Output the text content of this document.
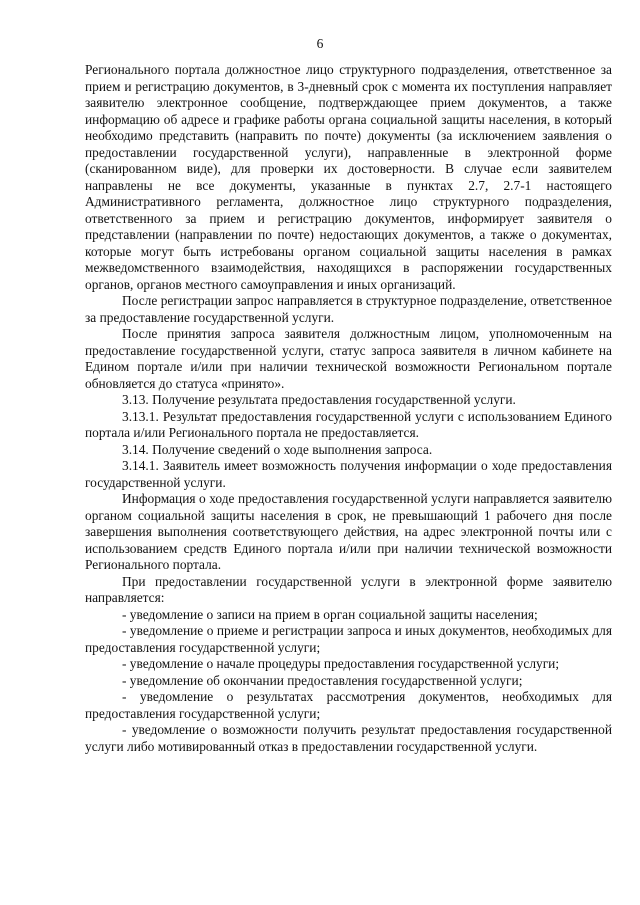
6

Регионального портала должностное лицо структурного подразделения, ответственное за прием и регистрацию документов, в 3-дневный срок с момента их поступления направляет заявителю электронное сообщение, подтверждающее прием документов, а также информацию об адресе и графике работы органа социальной защиты населения, в который необходимо представить (направить по почте) документы (за исключением заявления о предоставлении государственной услуги), направленные в электронной форме (сканированном виде), для проверки их достоверности. В случае если заявителем направлены не все документы, указанные в пунктах 2.7, 2.7-1 настоящего Административного регламента, должностное лицо структурного подразделения, ответственного за прием и регистрацию документов, информирует заявителя о представлении (направлении по почте) недостающих документов, а также о документах, которые могут быть истребованы органом социальной защиты населения в рамках межведомственного взаимодействия, находящихся в распоряжении государственных органов, органов местного самоуправления и иных организаций.

После регистрации запрос направляется в структурное подразделение, ответственное за предоставление государственной услуги.

После принятия запроса заявителя должностным лицом, уполномоченным на предоставление государственной услуги, статус запроса заявителя в личном кабинете на Едином портале и/или при наличии технической возможности Региональном портале обновляется до статуса «принято».

3.13. Получение результата предоставления государственной услуги.

3.13.1. Результат предоставления государственной услуги с использованием Единого портала и/или Регионального портала не предоставляется.

3.14. Получение сведений о ходе выполнения запроса.

3.14.1. Заявитель имеет возможность получения информации о ходе предоставления государственной услуги.

Информация о ходе предоставления государственной услуги направляется заявителю органом социальной защиты населения в срок, не превышающий 1 рабочего дня после завершения выполнения соответствующего действия, на адрес электронной почты или с использованием средств Единого портала и/или при наличии технической возможности Регионального портала.

При предоставлении государственной услуги в электронной форме заявителю направляется:

- уведомление о записи на прием в орган социальной защиты населения;

- уведомление о приеме и регистрации запроса и иных документов, необходимых для предоставления государственной услуги;

- уведомление о начале процедуры предоставления государственной услуги;

- уведомление об окончании предоставления государственной услуги;

- уведомление о результатах рассмотрения документов, необходимых для предоставления государственной услуги;

- уведомление о возможности получить результат предоставления государственной услуги либо мотивированный отказ в предоставлении государственной услуги.
